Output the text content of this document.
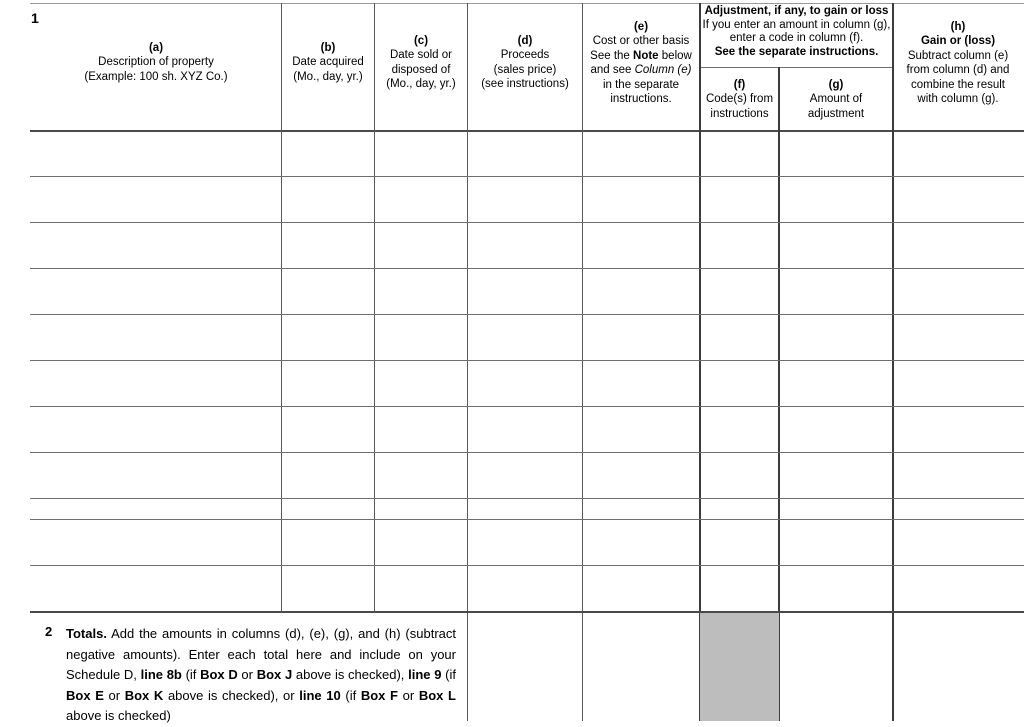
1
(a)
Description of property
(Example: 100 sh. XYZ Co.)
(b)
Date acquired
(Mo., day, yr.)
(c)
Date sold or
disposed of
(Mo., day, yr.)
(d)
Proceeds
(sales price)
(see instructions)
(e)
Cost or other basis
See the Note below
and see Column (e)
in the separate
instructions.
Adjustment, if any, to gain or loss
If you enter an amount in column (g),
enter a code in column (f).
See the separate instructions.
(f)
Code(s) from
instructions
(g)
Amount of
adjustment
(h)
Gain or (loss)
Subtract column (e)
from column (d) and
combine the result
with column (g).
2 Totals. Add the amounts in columns (d), (e), (g), and (h) (subtract negative amounts). Enter each total here and include on your Schedule D, line 8b (if Box D or Box J above is checked), line 9 (if Box E or Box K above is checked), or line 10 (if Box F or Box L above is checked)
